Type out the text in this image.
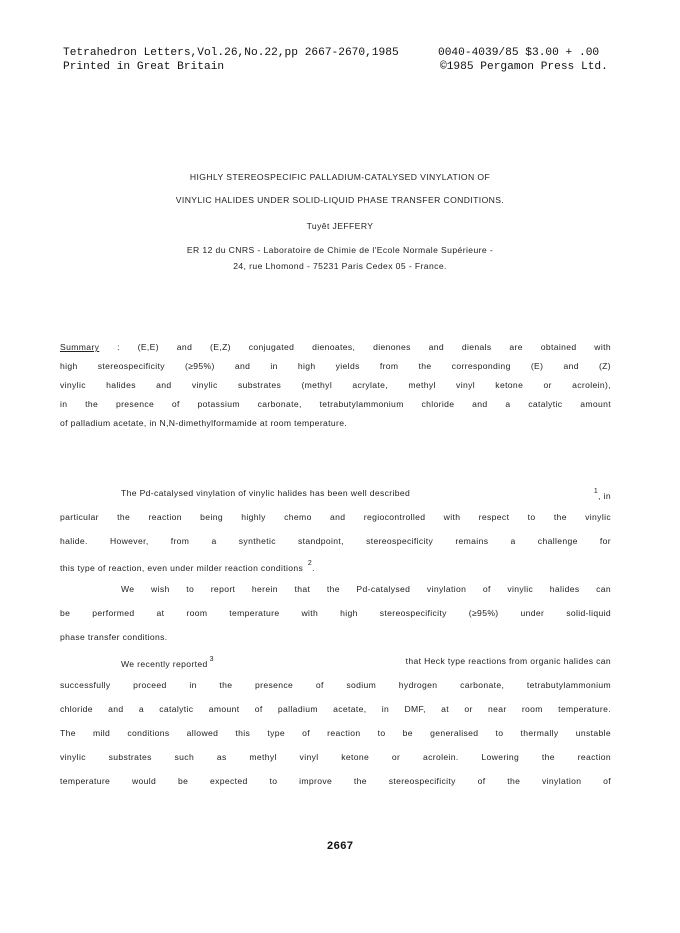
Tetrahedron Letters,Vol.26,No.22,pp 2667-2670,1985	0040-4039/85 $3.00 + .00
Printed in Great Britain	©1985 Pergamon Press Ltd.
HIGHLY STEREOSPECIFIC PALLADIUM-CATALYSED VINYLATION OF
VINYLIC HALIDES UNDER SOLID-LIQUID PHASE TRANSFER CONDITIONS.
Tuyêt JEFFERY
ER 12 du CNRS - Laboratoire de Chimie de l'Ecole Normale Supérieure -
24, rue Lhomond - 75231 Paris Cedex 05 - France.
Summary : (E,E) and (E,Z) conjugated dienoates, dienones and dienals are obtained with
high stereospecificity (≥95%) and in high yields from the corresponding (E) and (Z)
vinylic halides and vinylic substrates (methyl acrylate, methyl vinyl ketone or acrolein),
in the presence of potassium carbonate, tetrabutylammonium chloride and a catalytic amount
of palladium acetate, in N,N-dimethylformamide at room temperature.
The Pd-catalysed vinylation of vinylic halides has been well described	$^1$, in
particular the reaction being highly chemo and regiocontrolled with respect to the vinylic
halide. However, from a synthetic standpoint, stereospecificity remains a challenge for
this type of reaction, even under milder reaction conditions $^2$.
We wish to report herein that the Pd-catalysed vinylation of vinylic halides can
be performed at room temperature with high stereospecificity (≥95%) under solid-liquid
phase transfer conditions.
We recently reported $^3$	that Heck type reactions from organic halides can
successfully proceed in the presence of sodium hydrogen carbonate, tetrabutylammonium
chloride and a catalytic amount of palladium acetate, in DMF, at or near room temperature.
The mild conditions allowed this type of reaction to be generalised to thermally unstable
vinylic substrates such as methyl vinyl ketone or acrolein. Lowering the reaction
temperature would be expected to improve the stereospecificity of the vinylation of
2667
